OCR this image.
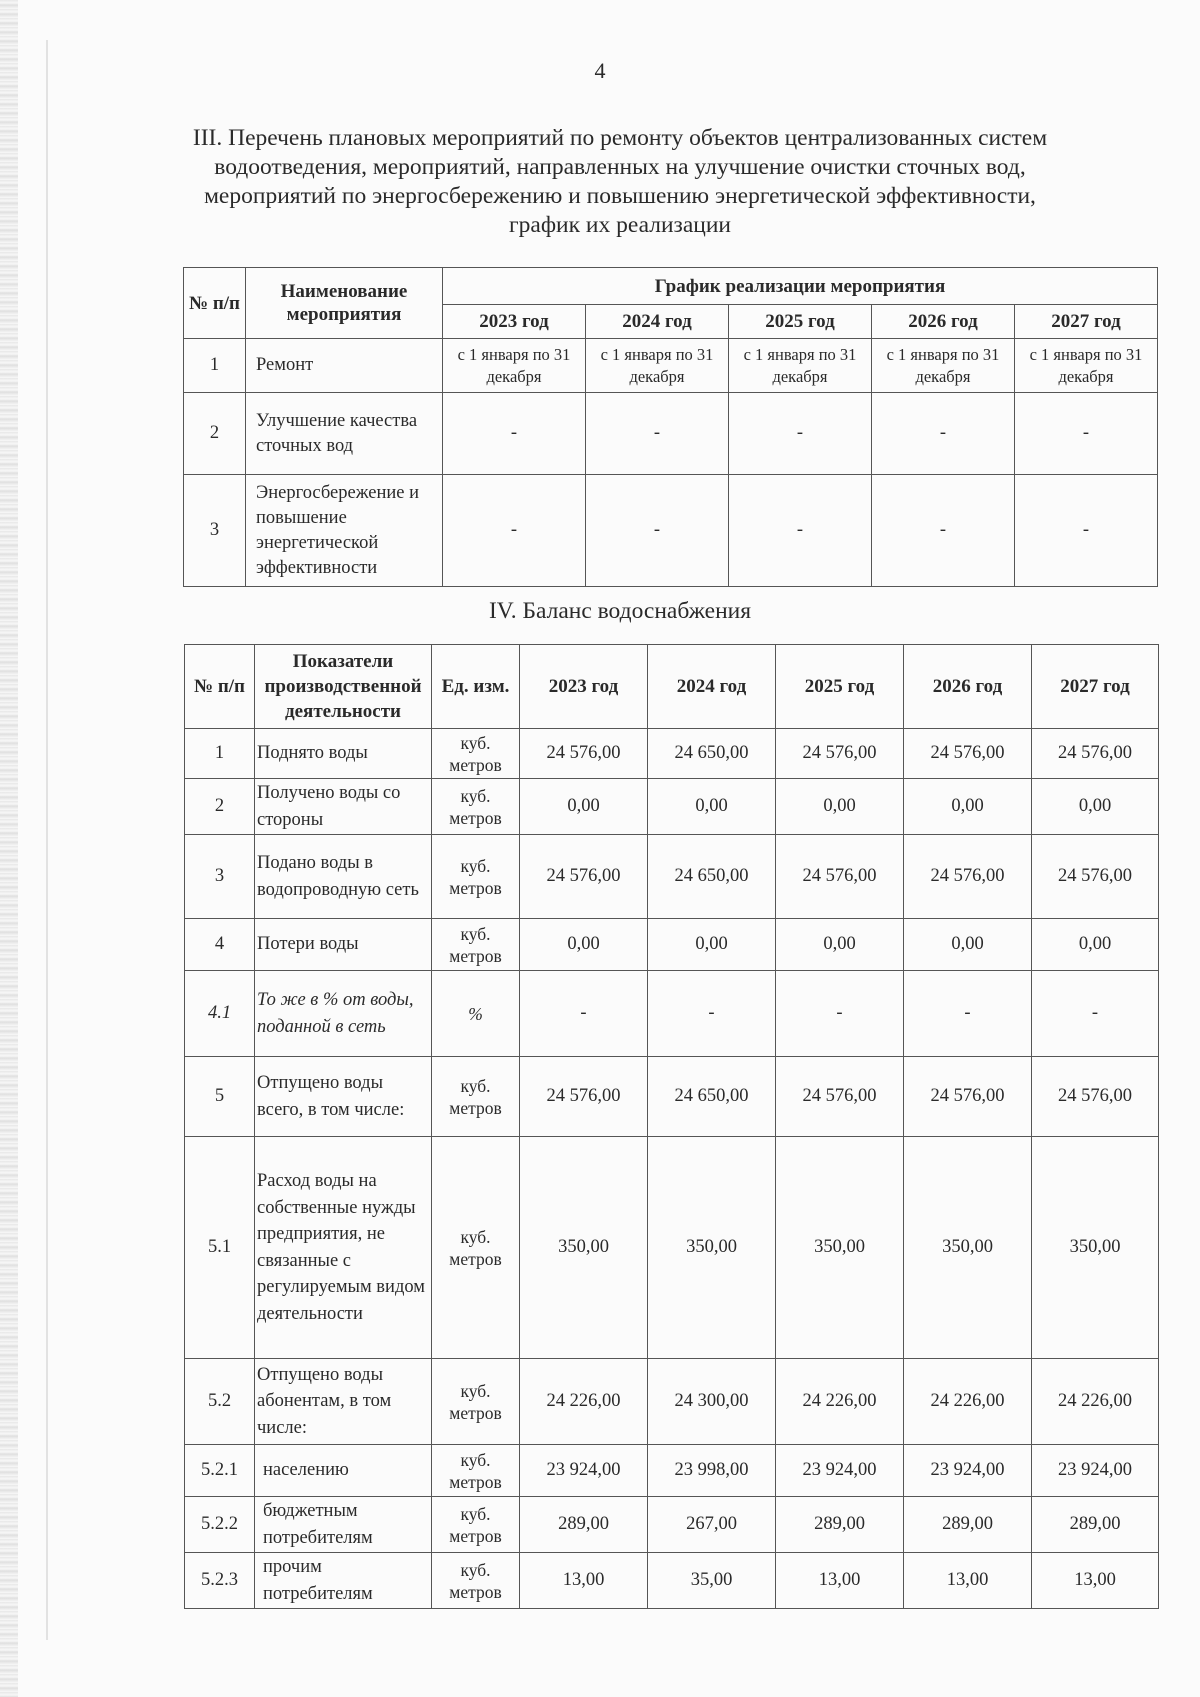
4
III. Перечень плановых мероприятий по ремонту объектов централизованных систем водоотведения, мероприятий, направленных на улучшение очистки сточных вод, мероприятий по энергосбережению и повышению энергетической эффективности, график их реализации
№ п/п	Наименование мероприятия	График реализации мероприятия				
		2023 год	2024 год	2025 год	2026 год	2027 год
1	Ремонт	с 1 января по 31 декабря	с 1 января по 31 декабря	с 1 января по 31 декабря	с 1 января по 31 декабря	с 1 января по 31 декабря
2	Улучшение качества сточных вод	-	-	-	-	-
3	Энергосбережение и повышение энергетической эффективности	-	-	-	-	-
IV. Баланс водоснабжения
№ п/п	Показатели производственной деятельности	Ед. изм.	2023 год	2024 год	2025 год	2026 год	2027 год
1	Поднято воды	куб. метров	24 576,00	24 650,00	24 576,00	24 576,00	24 576,00
2	Получено воды со стороны	куб. метров	0,00	0,00	0,00	0,00	0,00
3	Подано воды в водопроводную сеть	куб. метров	24 576,00	24 650,00	24 576,00	24 576,00	24 576,00
4	Потери воды	куб. метров	0,00	0,00	0,00	0,00	0,00
4.1	То же в % от воды, поданной в сеть	%	-	-	-	-	-
5	Отпущено воды всего, в том числе:	куб. метров	24 576,00	24 650,00	24 576,00	24 576,00	24 576,00
5.1	Расход воды на собственные нужды предприятия, не связанные с регулируемым видом деятельности	куб. метров	350,00	350,00	350,00	350,00	350,00
5.2	Отпущено воды абонентам, в том числе:	куб. метров	24 226,00	24 300,00	24 226,00	24 226,00	24 226,00
5.2.1	населению	куб. метров	23 924,00	23 998,00	23 924,00	23 924,00	23 924,00
5.2.2	бюджетным потребителям	куб. метров	289,00	267,00	289,00	289,00	289,00
5.2.3	прочим потребителям	куб. метров	13,00	35,00	13,00	13,00	13,00
